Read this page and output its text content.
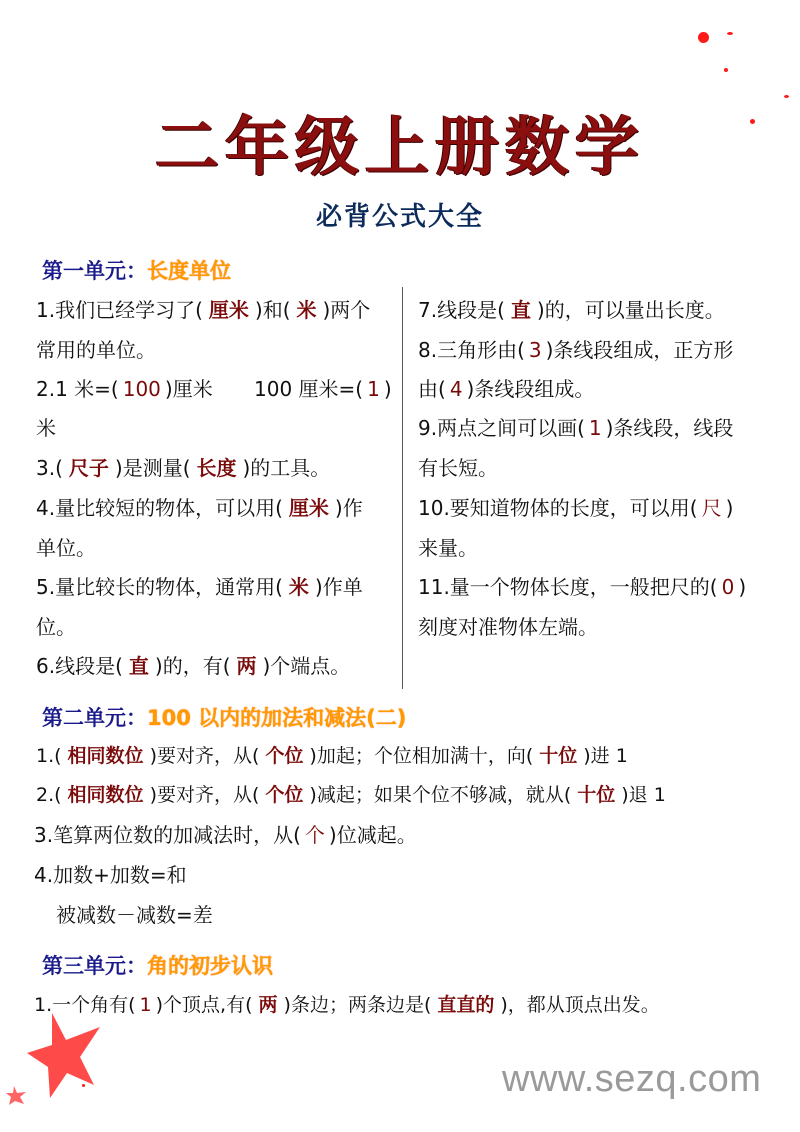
二年级上册数学
必背公式大全
第一单元：长度单位
1.我们已经学习了( 厘米 )和( 米 )两个
常用的单位。
2.1 米=( 100 )厘米 100 厘米=( 1 )
米
3.( 尺子 )是测量( 长度 )的工具。
4.量比较短的物体，可以用( 厘米 )作
单位。
5.量比较长的物体，通常用( 米 )作单
位。
6.线段是( 直 )的，有( 两 )个端点。
7.线段是( 直 )的，可以量出长度。
8.三角形由( 3 )条线段组成，正方形
由( 4 )条线段组成。
9.两点之间可以画( 1 )条线段，线段
有长短。
10.要知道物体的长度，可以用( 尺 )
来量。
11.量一个物体长度，一般把尺的( 0 )
刻度对准物体左端。
第二单元：100 以内的加法和减法(二)
1.( 相同数位 )要对齐，从( 个位 )加起；个位相加满十，向( 十位 )进 1
2.( 相同数位 )要对齐，从( 个位 )减起；如果个位不够减，就从( 十位 )退 1
3.笔算两位数的加减法时，从( 个 )位减起。
4.加数+加数=和
被减数－减数=差
第三单元：角的初步认识
1.一个角有( 1 )个顶点,有( 两 )条边；两条边是( 直直的 )，都从顶点出发。
www.sezq.com
